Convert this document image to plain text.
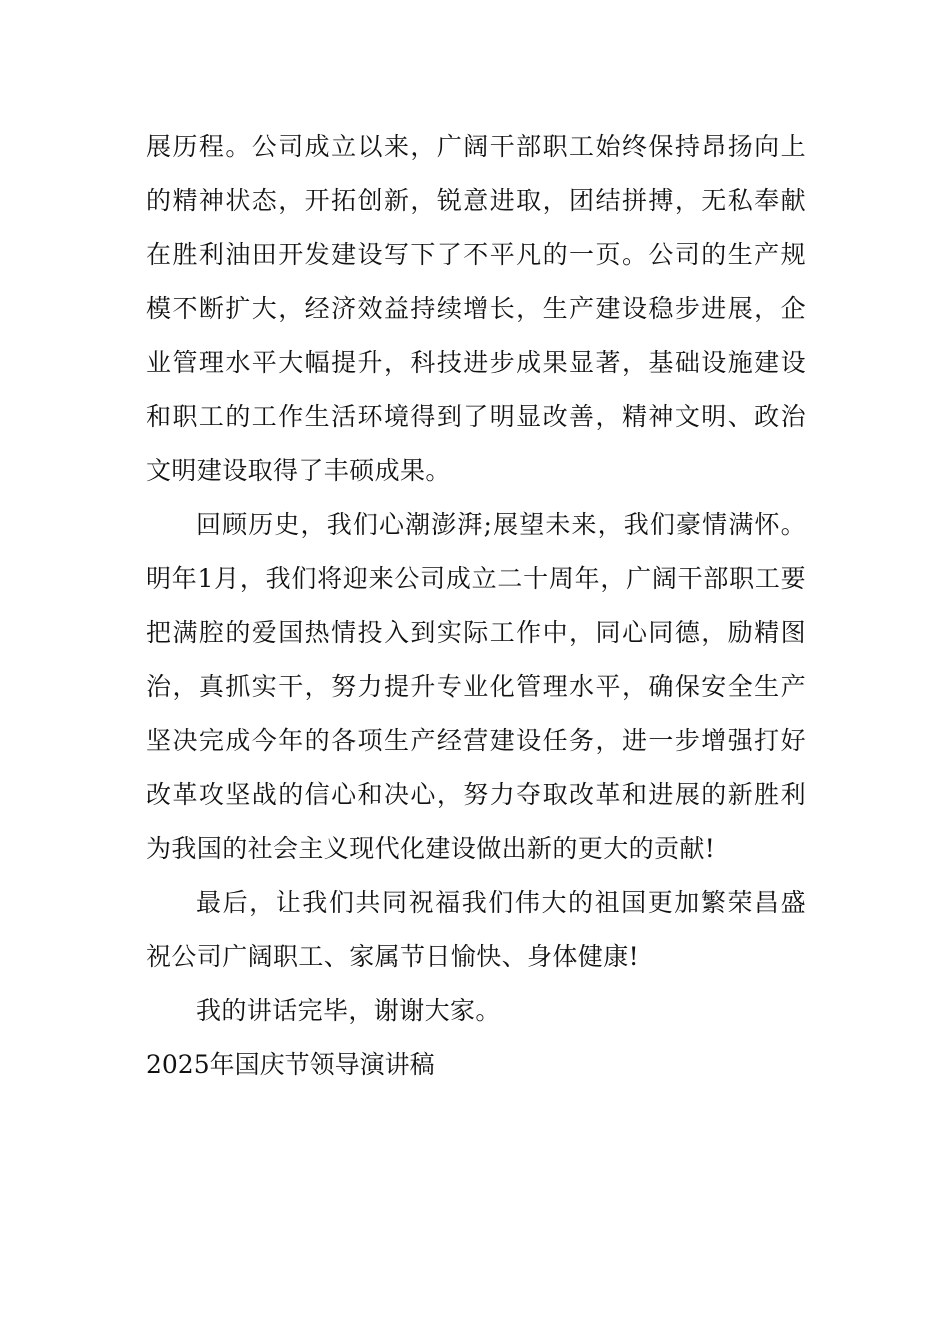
展历程。公司成立以来，广阔干部职工始终保持昂扬向上
的精神状态，开拓创新，锐意进取，团结拼搏，无私奉献
在胜利油田开发建设写下了不平凡的一页。公司的生产规
模不断扩大，经济效益持续增长，生产建设稳步进展，企
业管理水平大幅提升，科技进步成果显著，基础设施建设
和职工的工作生活环境得到了明显改善，精神文明、政治
文明建设取得了丰硕成果。
回顾历史，我们心潮澎湃;展望未来，我们豪情满怀。
明年1月，我们将迎来公司成立二十周年，广阔干部职工要
把满腔的爱国热情投入到实际工作中，同心同德，励精图
治，真抓实干，努力提升专业化管理水平，确保安全生产
坚决完成今年的各项生产经营建设任务，进一步增强打好
改革攻坚战的信心和决心，努力夺取改革和进展的新胜利
为我国的社会主义现代化建设做出新的更大的贡献!
最后，让我们共同祝福我们伟大的祖国更加繁荣昌盛
祝公司广阔职工、家属节日愉快、身体健康!
我的讲话完毕，谢谢大家。
2025年国庆节领导演讲稿
